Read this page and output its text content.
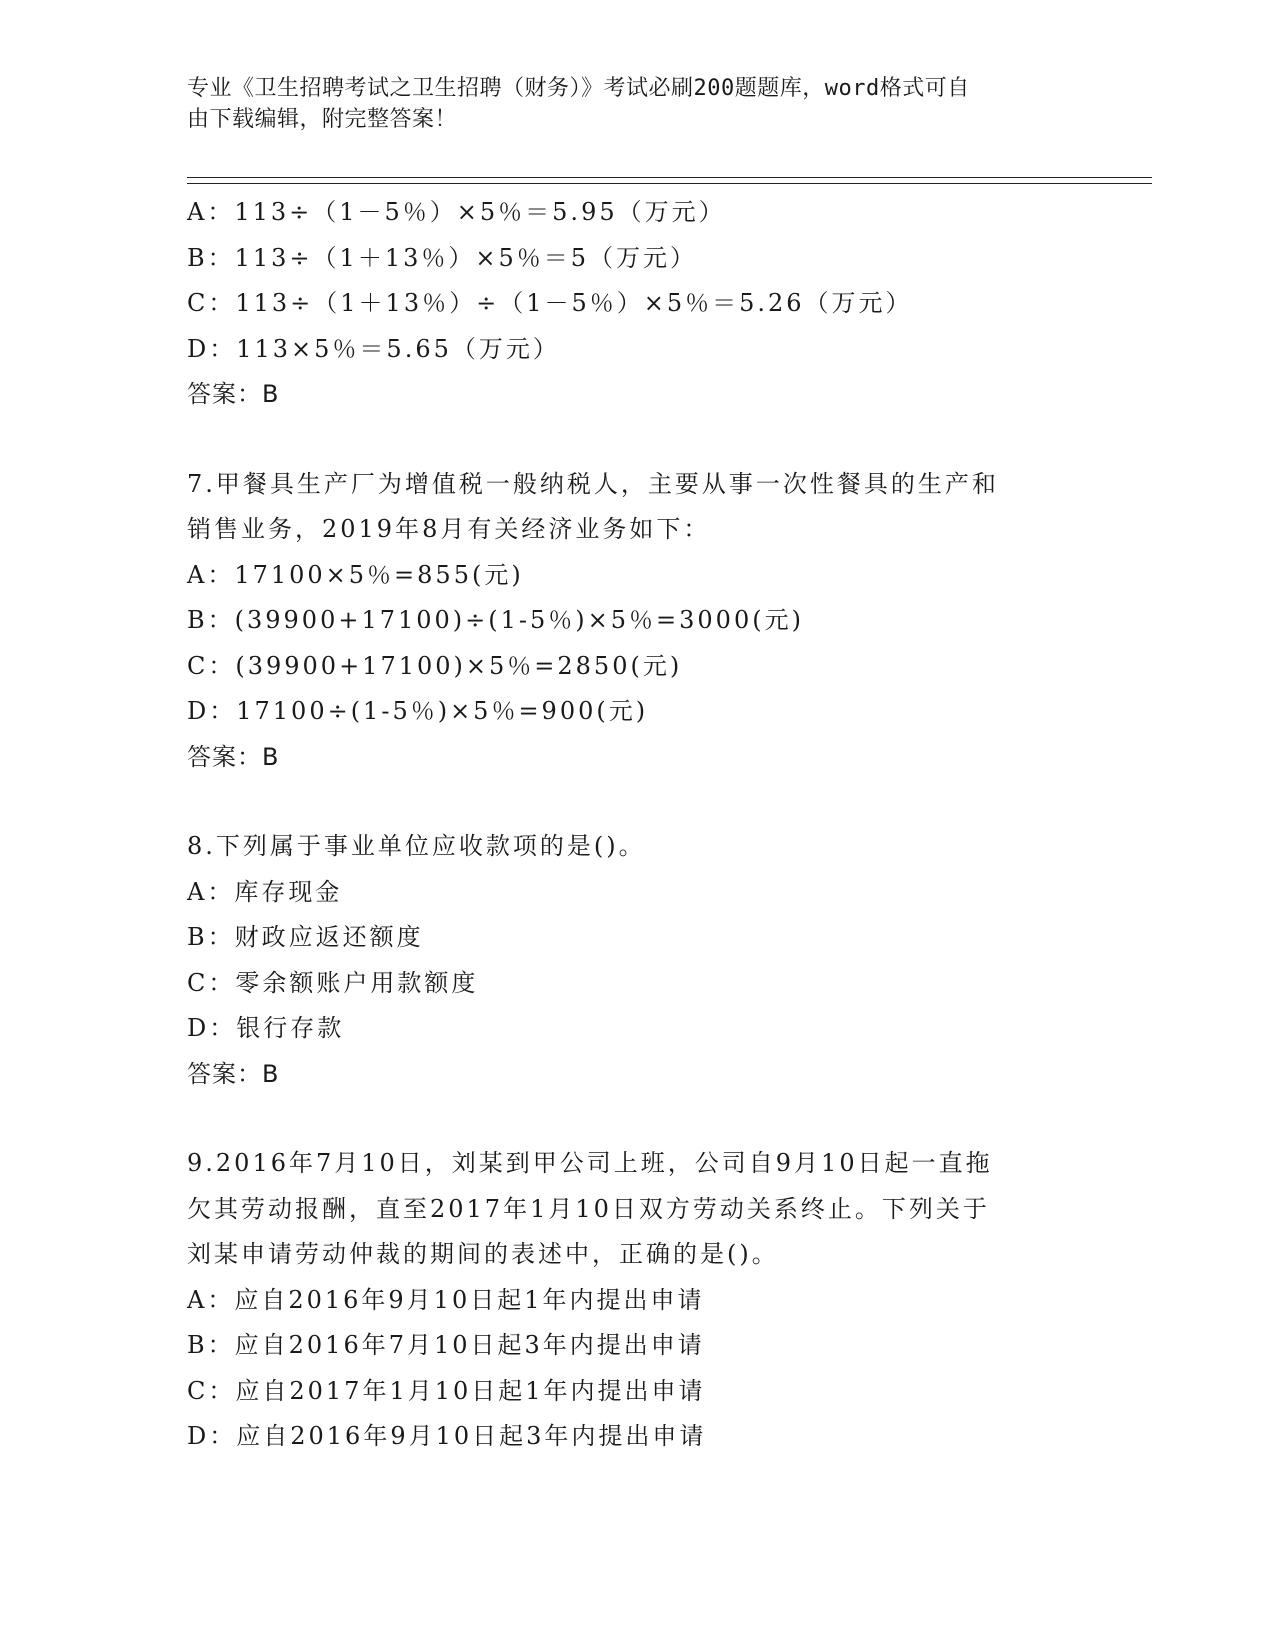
专业《卫生招聘考试之卫生招聘（财务）》考试必刷200题题库，word格式可自
由下载编辑，附完整答案！
A：113÷（1－5％）×5％＝5.95（万元）
B：113÷（1＋13％）×5％＝5（万元）
C：113÷（1＋13％）÷（1－5％）×5％＝5.26（万元）
D：113×5％＝5.65（万元）
答案：B
7.甲餐具生产厂为增值税一般纳税人，主要从事一次性餐具的生产和
销售业务，2019年8月有关经济业务如下：
A：17100×5％=855(元)
B：(39900+17100)÷(1-5％)×5％=3000(元)
C：(39900+17100)×5％=2850(元)
D：17100÷(1-5％)×5％=900(元)
答案：B
8.下列属于事业单位应收款项的是()。
A：库存现金
B：财政应返还额度
C：零余额账户用款额度
D：银行存款
答案：B
9.2016年7月10日，刘某到甲公司上班，公司自9月10日起一直拖
欠其劳动报酬，直至2017年1月10日双方劳动关系终止。下列关于
刘某申请劳动仲裁的期间的表述中，正确的是()。
A：应自2016年9月10日起1年内提出申请
B：应自2016年7月10日起3年内提出申请
C：应自2017年1月10日起1年内提出申请
D：应自2016年9月10日起3年内提出申请
